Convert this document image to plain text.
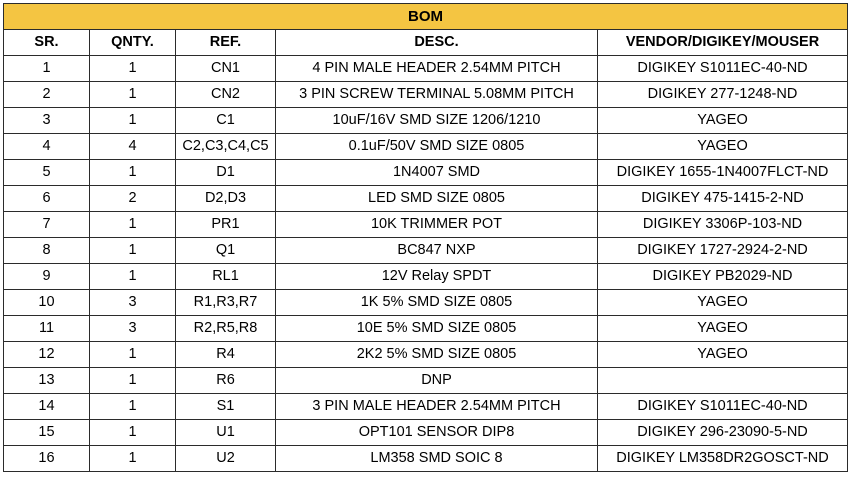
BOM				
SR.	QNTY.	REF.	DESC.	VENDOR/DIGIKEY/MOUSER
1	1	CN1	4 PIN MALE HEADER 2.54MM PITCH	DIGIKEY S1011EC-40-ND
2	1	CN2	3 PIN SCREW TERMINAL 5.08MM PITCH	DIGIKEY 277-1248-ND
3	1	C1	10uF/16V SMD SIZE 1206/1210	YAGEO
4	4	C2,C3,C4,C5	0.1uF/50V SMD SIZE 0805	YAGEO
5	1	D1	1N4007 SMD	DIGIKEY 1655-1N4007FLCT-ND
6	2	D2,D3	LED SMD SIZE 0805	DIGIKEY 475-1415-2-ND
7	1	PR1	10K TRIMMER POT	DIGIKEY 3306P-103-ND
8	1	Q1	BC847 NXP	DIGIKEY 1727-2924-2-ND
9	1	RL1	12V Relay SPDT	DIGIKEY PB2029-ND
10	3	R1,R3,R7	1K 5% SMD SIZE 0805	YAGEO
11	3	R2,R5,R8	10E 5% SMD SIZE 0805	YAGEO
12	1	R4	2K2 5% SMD SIZE 0805	YAGEO
13	1	R6	DNP	
14	1	S1	3 PIN MALE HEADER 2.54MM PITCH	DIGIKEY S1011EC-40-ND
15	1	U1	OPT101 SENSOR DIP8	DIGIKEY 296-23090-5-ND
16	1	U2	LM358 SMD SOIC 8	DIGIKEY LM358DR2GOSCT-ND
